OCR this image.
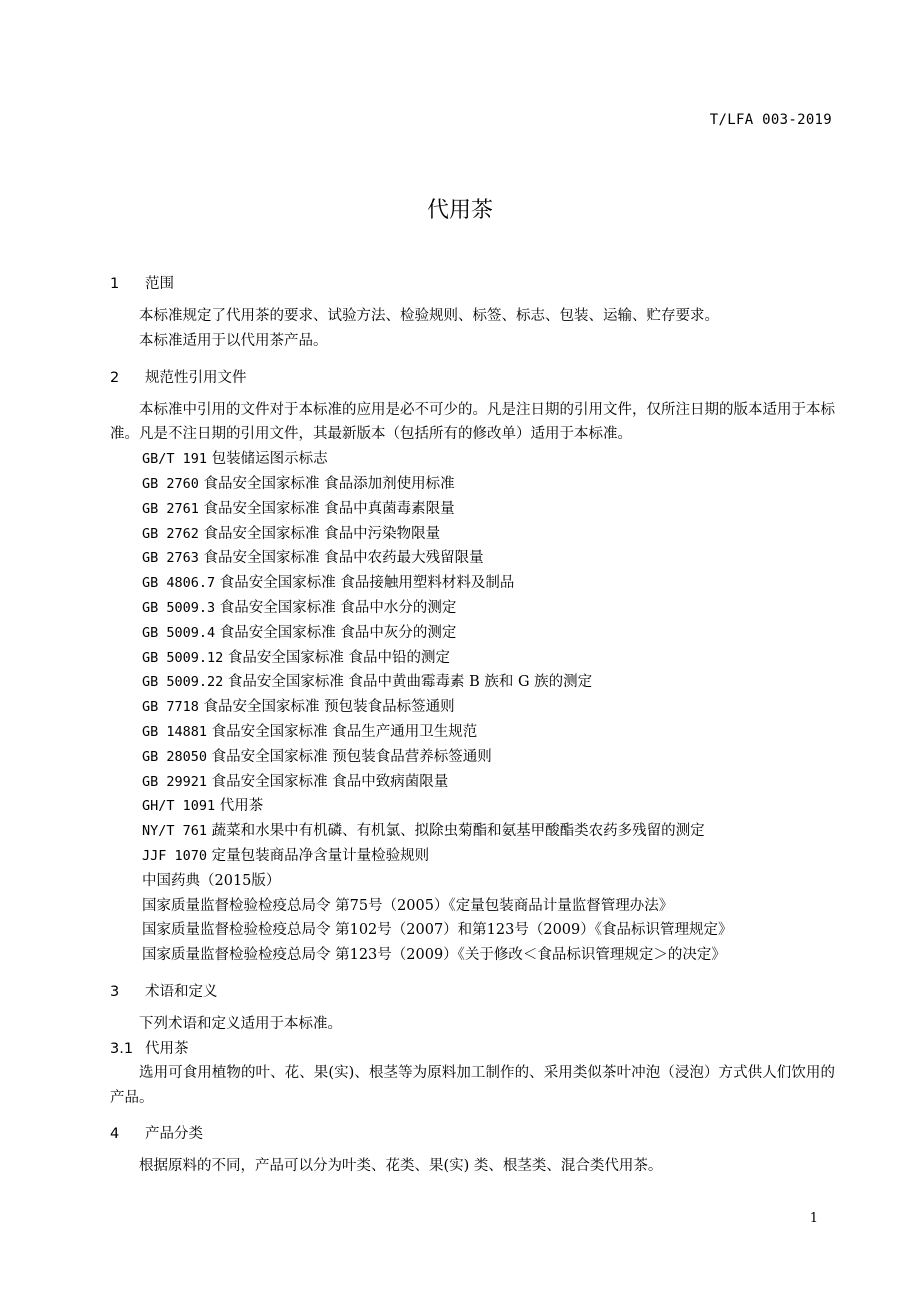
T/LFA 003-2019
代用茶
1	范围
本标准规定了代用茶的要求、试验方法、检验规则、标签、标志、包装、运输、贮存要求。
本标准适用于以代用茶产品。
2	规范性引用文件
本标准中引用的文件对于本标准的应用是必不可少的。凡是注日期的引用文件，仅所注日期的版本适用于本标准。凡是不注日期的引用文件，其最新版本（包括所有的修改单）适用于本标准。
GB/T 191 包装储运图示标志
GB 2760 食品安全国家标准 食品添加剂使用标准
GB 2761 食品安全国家标准 食品中真菌毒素限量
GB 2762 食品安全国家标准 食品中污染物限量
GB 2763 食品安全国家标准 食品中农药最大残留限量
GB 4806.7 食品安全国家标准 食品接触用塑料材料及制品
GB 5009.3 食品安全国家标准 食品中水分的测定
GB 5009.4 食品安全国家标准 食品中灰分的测定
GB 5009.12 食品安全国家标准 食品中铅的测定
GB 5009.22 食品安全国家标准 食品中黄曲霉毒素 B 族和 G 族的测定
GB 7718 食品安全国家标准 预包装食品标签通则
GB 14881 食品安全国家标准 食品生产通用卫生规范
GB 28050 食品安全国家标准 预包装食品营养标签通则
GB 29921 食品安全国家标准 食品中致病菌限量
GH/T 1091 代用茶
NY/T 761 蔬菜和水果中有机磷、有机氯、拟除虫菊酯和氨基甲酸酯类农药多残留的测定
JJF 1070 定量包装商品净含量计量检验规则
中国药典（2015版）
国家质量监督检验检疫总局令 第75号（2005）《定量包装商品计量监督管理办法》
国家质量监督检验检疫总局令 第102号（2007）和第123号（2009）《食品标识管理规定》
国家质量监督检验检疫总局令 第123号（2009）《关于修改＜食品标识管理规定＞的决定》
3	术语和定义
下列术语和定义适用于本标准。
3.1 代用茶
选用可食用植物的叶、花、果(实)、根茎等为原料加工制作的、采用类似茶叶冲泡（浸泡）方式供人们饮用的产品。
4	产品分类
根据原料的不同，产品可以分为叶类、花类、果(实) 类、根茎类、混合类代用茶。
1
